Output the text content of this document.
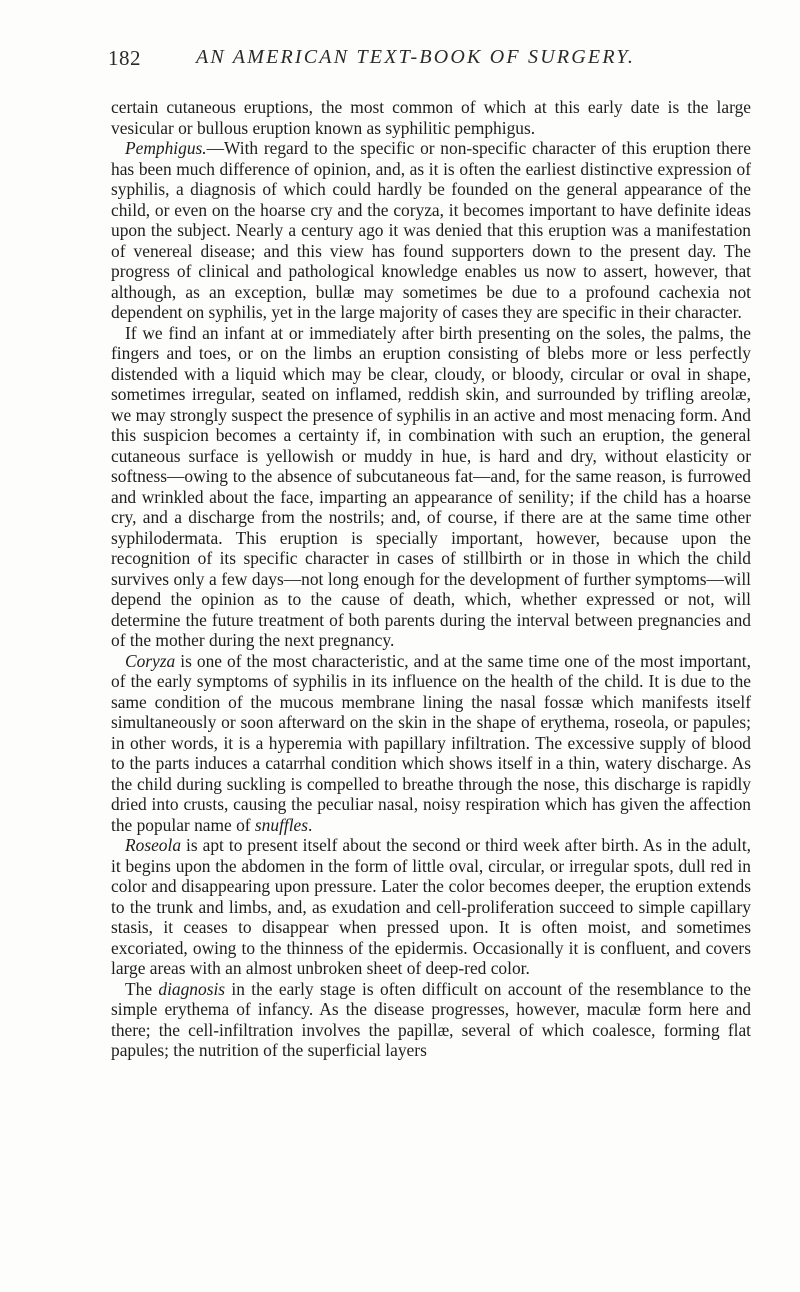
182	AN AMERICAN TEXT-BOOK OF SURGERY.

certain cutaneous eruptions, the most common of which at this early date is the large vesicular or bullous eruption known as syphilitic pemphigus.

Pemphigus.—With regard to the specific or non-specific character of this eruption there has been much difference of opinion, and, as it is often the earliest distinctive expression of syphilis, a diagnosis of which could hardly be founded on the general appearance of the child, or even on the hoarse cry and the coryza, it becomes important to have definite ideas upon the subject. Nearly a century ago it was denied that this eruption was a manifestation of venereal disease; and this view has found supporters down to the present day. The progress of clinical and pathological knowledge enables us now to assert, however, that although, as an exception, bullæ may sometimes be due to a profound cachexia not dependent on syphilis, yet in the large majority of cases they are specific in their character.

If we find an infant at or immediately after birth presenting on the soles, the palms, the fingers and toes, or on the limbs an eruption consisting of blebs more or less perfectly distended with a liquid which may be clear, cloudy, or bloody, circular or oval in shape, sometimes irregular, seated on inflamed, reddish skin, and surrounded by trifling areolæ, we may strongly suspect the presence of syphilis in an active and most menacing form. And this suspicion becomes a certainty if, in combination with such an eruption, the general cutaneous surface is yellowish or muddy in hue, is hard and dry, without elasticity or softness—owing to the absence of subcutaneous fat—and, for the same reason, is furrowed and wrinkled about the face, imparting an appearance of senility; if the child has a hoarse cry, and a discharge from the nostrils; and, of course, if there are at the same time other syphilodermata. This eruption is specially important, however, because upon the recognition of its specific character in cases of stillbirth or in those in which the child survives only a few days—not long enough for the development of further symptoms—will depend the opinion as to the cause of death, which, whether expressed or not, will determine the future treatment of both parents during the interval between pregnancies and of the mother during the next pregnancy.

Coryza is one of the most characteristic, and at the same time one of the most important, of the early symptoms of syphilis in its influence on the health of the child. It is due to the same condition of the mucous membrane lining the nasal fossæ which manifests itself simultaneously or soon afterward on the skin in the shape of erythema, roseola, or papules; in other words, it is a hyperemia with papillary infiltration. The excessive supply of blood to the parts induces a catarrhal condition which shows itself in a thin, watery discharge. As the child during suckling is compelled to breathe through the nose, this discharge is rapidly dried into crusts, causing the peculiar nasal, noisy respiration which has given the affection the popular name of snuffles.

Roseola is apt to present itself about the second or third week after birth. As in the adult, it begins upon the abdomen in the form of little oval, circular, or irregular spots, dull red in color and disappearing upon pressure. Later the color becomes deeper, the eruption extends to the trunk and limbs, and, as exudation and cell-proliferation succeed to simple capillary stasis, it ceases to disappear when pressed upon. It is often moist, and sometimes excoriated, owing to the thinness of the epidermis. Occasionally it is confluent, and covers large areas with an almost unbroken sheet of deep-red color.

The diagnosis in the early stage is often difficult on account of the resemblance to the simple erythema of infancy. As the disease progresses, however, maculæ form here and there; the cell-infiltration involves the papillæ, several of which coalesce, forming flat papules; the nutrition of the superficial layers
